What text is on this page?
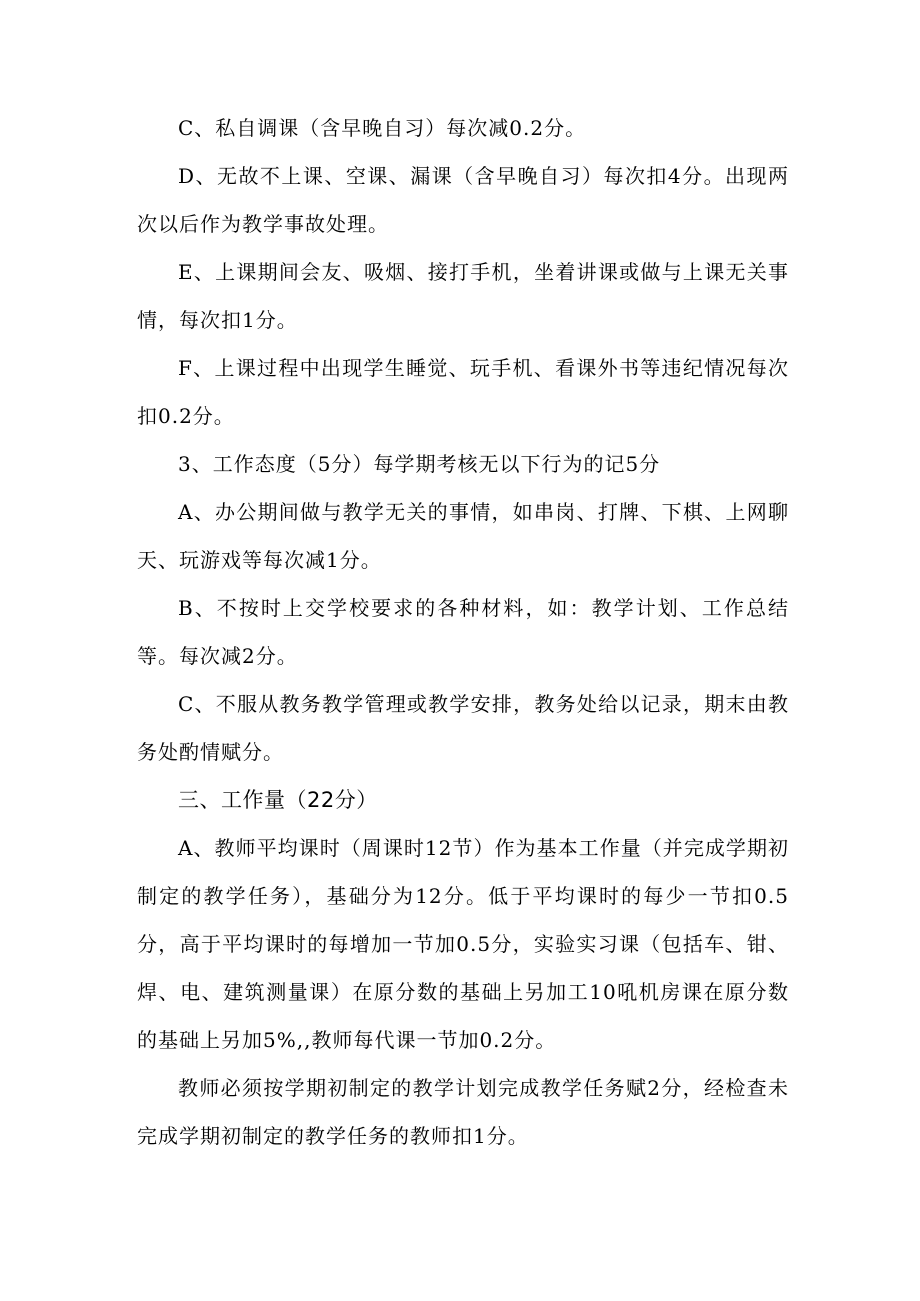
C、私自调课（含早晚自习）每次减0.2分。

D、无故不上课、空课、漏课（含早晚自习）每次扣4分。出现两次以后作为教学事故处理。

E、上课期间会友、吸烟、接打手机，坐着讲课或做与上课无关事情，每次扣1分。

F、上课过程中出现学生睡觉、玩手机、看课外书等违纪情况每次扣0.2分。

3、工作态度（5分）每学期考核无以下行为的记5分

A、办公期间做与教学无关的事情，如串岗、打牌、下棋、上网聊天、玩游戏等每次减1分。

B、不按时上交学校要求的各种材料，如：教学计划、工作总结等。每次减2分。

C、不服从教务教学管理或教学安排，教务处给以记录，期末由教务处酌情赋分。

三、工作量（22分）

A、教师平均课时（周课时12节）作为基本工作量（并完成学期初制定的教学任务），基础分为12分。低于平均课时的每少一节扣0.5分，高于平均课时的每增加一节加0.5分，实验实习课（包括车、钳、焊、电、建筑测量课）在原分数的基础上另加工10吼机房课在原分数的基础上另加5%,,教师每代课一节加0.2分。

教师必须按学期初制定的教学计划完成教学任务赋2分，经检查未完成学期初制定的教学任务的教师扣1分。
